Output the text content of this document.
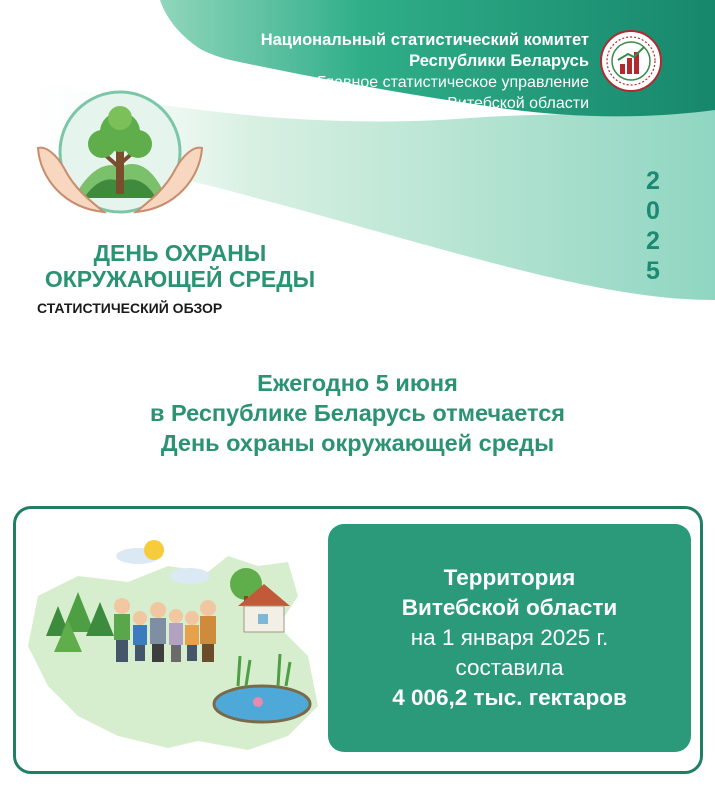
Национальный статистический комитет
Республики Беларусь
Главное статистическое управление
Витебской области
2
0
2
5
ДЕНЬ ОХРАНЫ
ОКРУЖАЮЩЕЙ СРЕДЫ
СТАТИСТИЧЕСКИЙ ОБЗОР
Ежегодно 5 июня
в Республике Беларусь отмечается
День охраны окружающей среды
Территория
Витебской области
на 1 января 2025 г.
составила
4 006,2 тыс. гектаров
